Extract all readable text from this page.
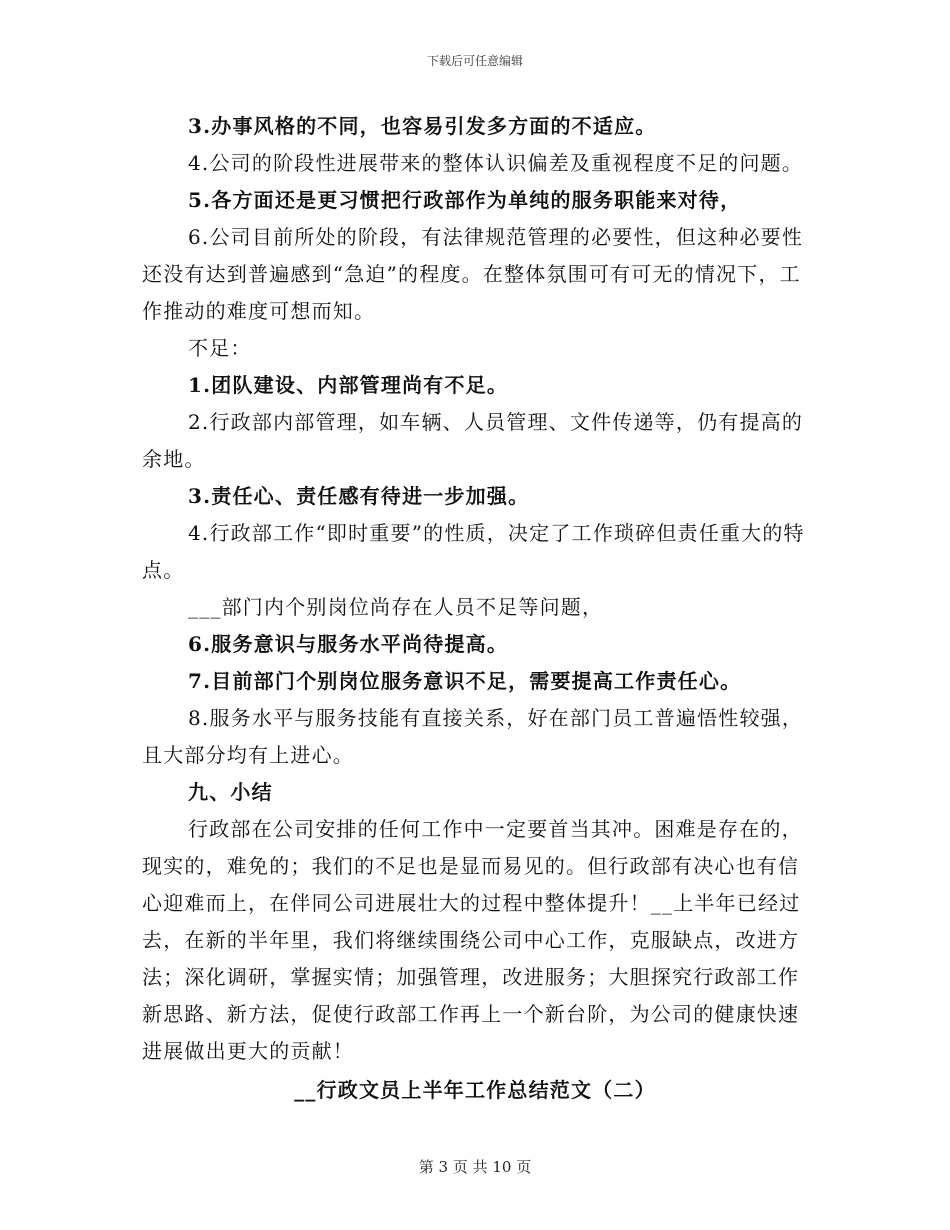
下载后可任意编辑

3.办事风格的不同，也容易引发多方面的不适应。

4.公司的阶段性进展带来的整体认识偏差及重视程度不足的问题。

5.各方面还是更习惯把行政部作为单纯的服务职能来对待，

6.公司目前所处的阶段，有法律规范管理的必要性，但这种必要性还没有达到普遍感到“急迫”的程度。在整体氛围可有可无的情况下，工作推动的难度可想而知。

不足：

1.团队建设、内部管理尚有不足。

2.行政部内部管理，如车辆、人员管理、文件传递等，仍有提高的余地。

3.责任心、责任感有待进一步加强。

4.行政部工作“即时重要”的性质，决定了工作琐碎但责任重大的特点。

___部门内个别岗位尚存在人员不足等问题，

6.服务意识与服务水平尚待提高。

7.目前部门个别岗位服务意识不足，需要提高工作责任心。

8.服务水平与服务技能有直接关系，好在部门员工普遍悟性较强，且大部分均有上进心。

九、小结

行政部在公司安排的任何工作中一定要首当其冲。困难是存在的，现实的，难免的；我们的不足也是显而易见的。但行政部有决心也有信心迎难而上，在伴同公司进展壮大的过程中整体提升！__上半年已经过去，在新的半年里，我们将继续围绕公司中心工作，克服缺点，改进方法；深化调研，掌握实情；加强管理，改进服务；大胆探究行政部工作新思路、新方法，促使行政部工作再上一个新台阶，为公司的健康快速进展做出更大的贡献！

__行政文员上半年工作总结范文（二）

第 3 页 共 10 页
